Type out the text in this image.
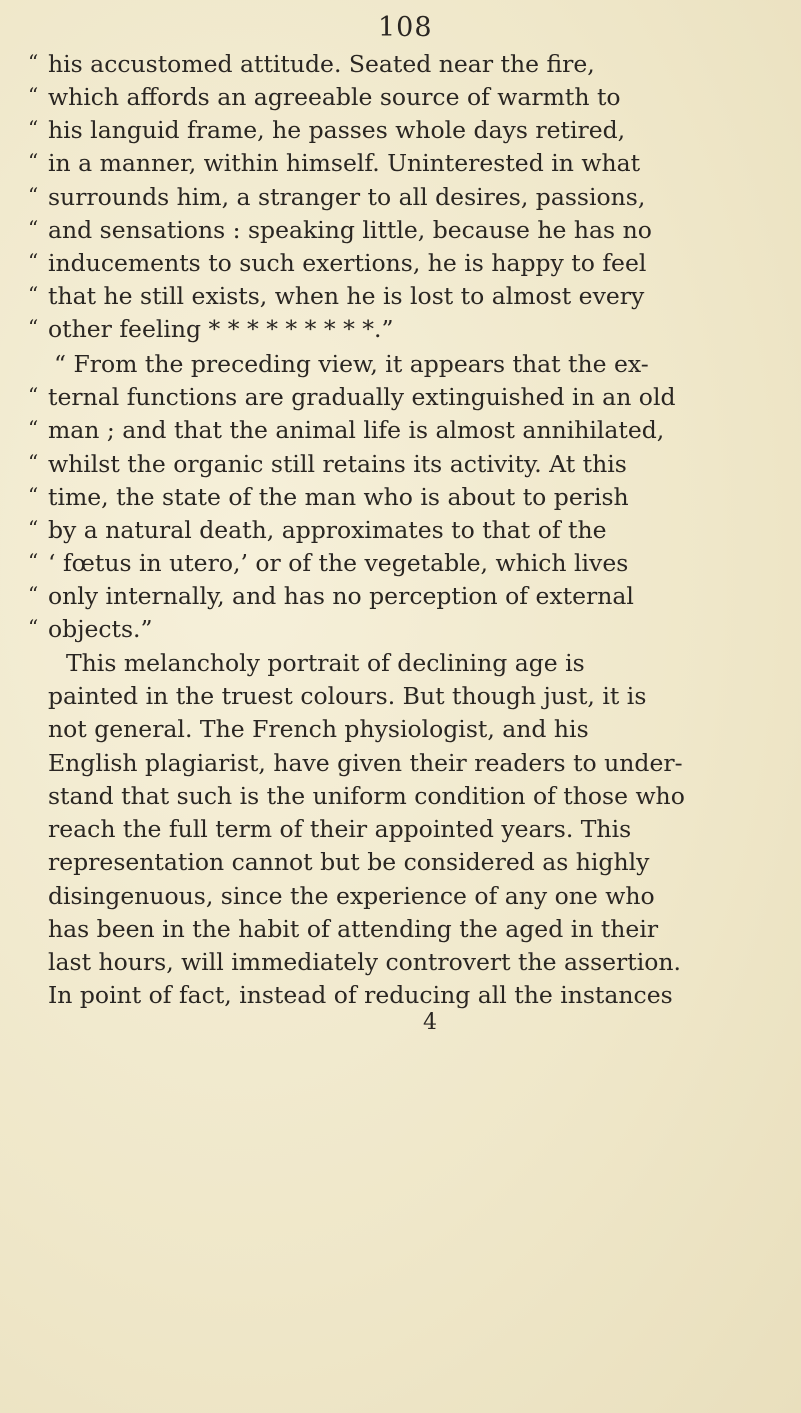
108
“ his accustomed attitude. Seated near the fire,
“ which affords an agreeable source of warmth to
“ his languid frame, he passes whole days retired,
“ in a manner, within himself. Uninterested in what
“ surrounds him, a stranger to all desires, passions,
“ and sensations : speaking little, because he has no
“ inducements to such exertions, he is happy to feel
“ that he still exists, when he is lost to almost every
“ other feeling * * * * * * * * *.”
“ From the preceding view, it appears that the ex-
“ ternal functions are gradually extinguished in an old
“ man ; and that the animal life is almost annihilated,
“ whilst the organic still retains its activity. At this
“ time, the state of the man who is about to perish
“ by a natural death, approximates to that of the
“ ‘ fœtus in utero,’ or of the vegetable, which lives
“ only internally, and has no perception of external
“ objects.”
This melancholy portrait of declining age is
painted in the truest colours. But though just, it is
not general. The French physiologist, and his
English plagiarist, have given their readers to under-
stand that such is the uniform condition of those who
reach the full term of their appointed years. This
representation cannot but be considered as highly
disingenuous, since the experience of any one who
has been in the habit of attending the aged in their
last hours, will immediately controvert the assertion.
In point of fact, instead of reducing all the instances
4
